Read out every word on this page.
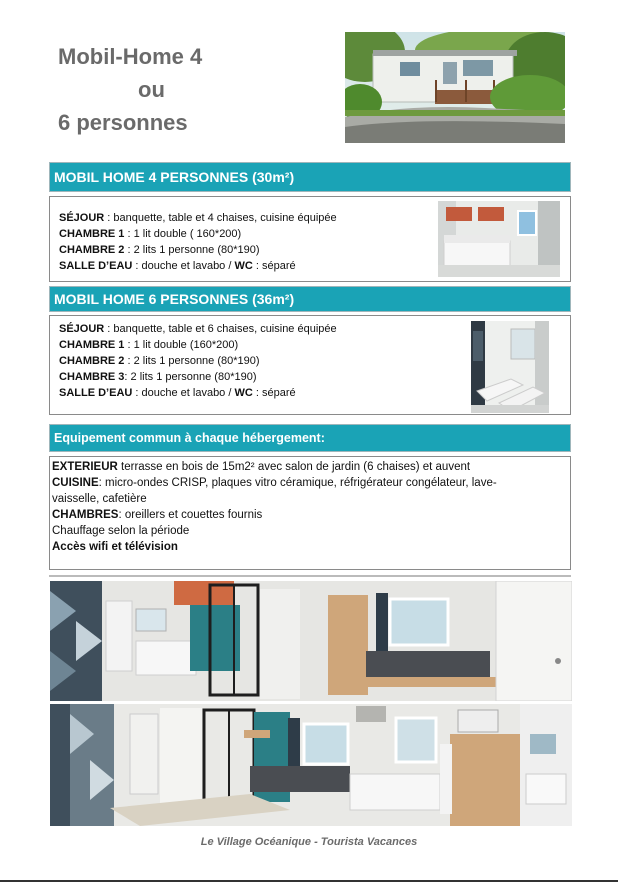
Mobil-Home 4
ou
6 personnes
MOBIL HOME 4 PERSONNES (30m²)
SÉJOUR : banquette, table et 4 chaises, cuisine équipée
CHAMBRE 1 : 1 lit double ( 160*200)
CHAMBRE 2 : 2 lits 1 personne (80*190)
SALLE D’EAU : douche et lavabo / WC : séparé
MOBIL HOME 6 PERSONNES (36m²)
SÉJOUR : banquette, table et 6 chaises, cuisine équipée
CHAMBRE 1 : 1 lit double (160*200)
CHAMBRE 2 : 2 lits 1 personne (80*190)
CHAMBRE 3: 2 lits 1 personne (80*190)
SALLE D’EAU : douche et lavabo / WC : séparé
Equipement commun à chaque hébergement:
EXTERIEUR terrasse en bois de 15m2² avec salon de jardin (6 chaises) et auvent
CUISINE: micro-ondes CRISP, plaques vitro céramique, réfrigérateur congélateur, lave-
vaisselle, cafetière
CHAMBRES: oreillers et couettes fournis
Chauffage selon la période
Accès wifi et télévision
Le Village Océanique - Tourista Vacances
